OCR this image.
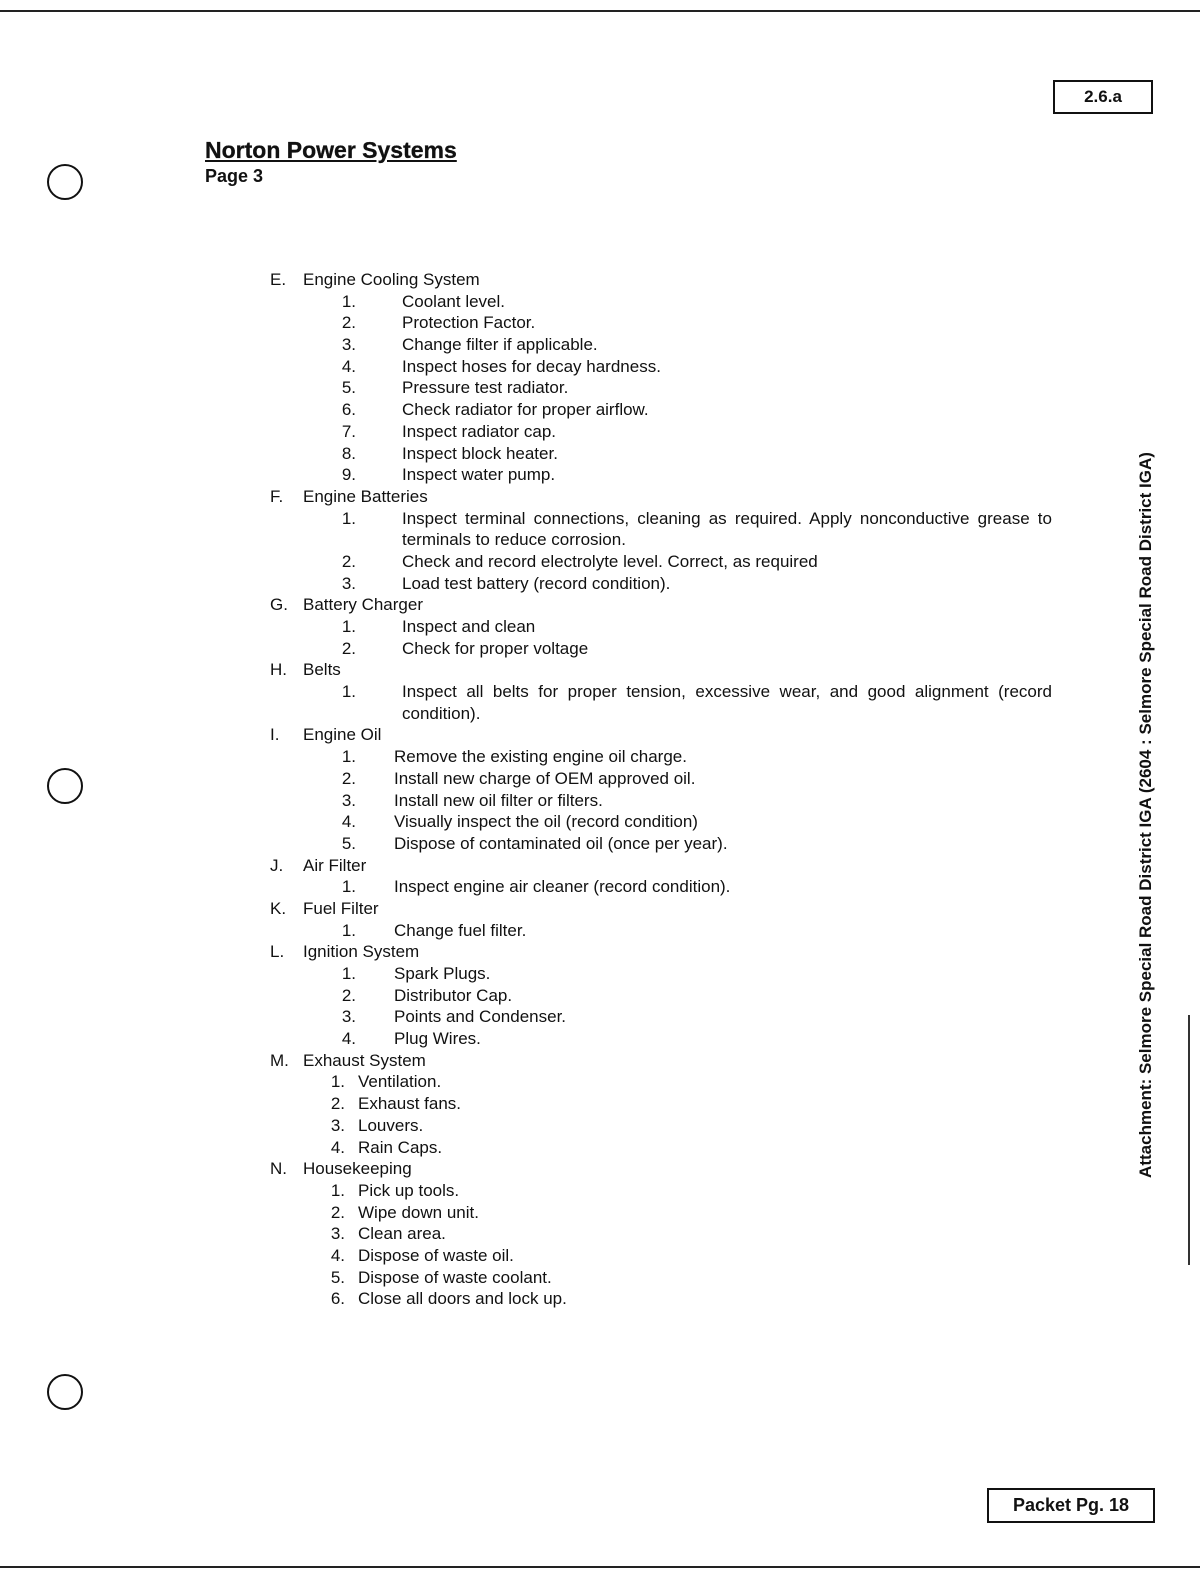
2.6.a
Norton Power Systems
Page 3
Attachment: Selmore Special Road District IGA (2604 : Selmore Special Road District IGA)
E. Engine Cooling System
1.	Coolant level.
2.	Protection Factor.
3.	Change filter if applicable.
4.	Inspect hoses for decay hardness.
5.	Pressure test radiator.
6.	Check radiator for proper airflow.
7.	Inspect radiator cap.
8.	Inspect block heater.
9.	Inspect water pump.
F. Engine Batteries
1.	Inspect terminal connections, cleaning as required. Apply nonconductive grease to terminals to reduce corrosion.
2.	Check and record electrolyte level. Correct, as required
3.	Load test battery (record condition).
G. Battery Charger
1.	Inspect and clean
2.	Check for proper voltage
H. Belts
1.	Inspect all belts for proper tension, excessive wear, and good alignment (record condition).
I. Engine Oil
1. Remove the existing engine oil charge.
2. Install new charge of OEM approved oil.
3. Install new oil filter or filters.
4. Visually inspect the oil (record condition)
5. Dispose of contaminated oil (once per year).
J. Air Filter
1. Inspect engine air cleaner (record condition).
K. Fuel Filter
1. Change fuel filter.
L. Ignition System
1. Spark Plugs.
2. Distributor Cap.
3. Points and Condenser.
4. Plug Wires.
M. Exhaust System
1. Ventilation.
2. Exhaust fans.
3. Louvers.
4. Rain Caps.
N. Housekeeping
1. Pick up tools.
2. Wipe down unit.
3. Clean area.
4. Dispose of waste oil.
5. Dispose of waste coolant.
6. Close all doors and lock up.
Packet Pg. 18
